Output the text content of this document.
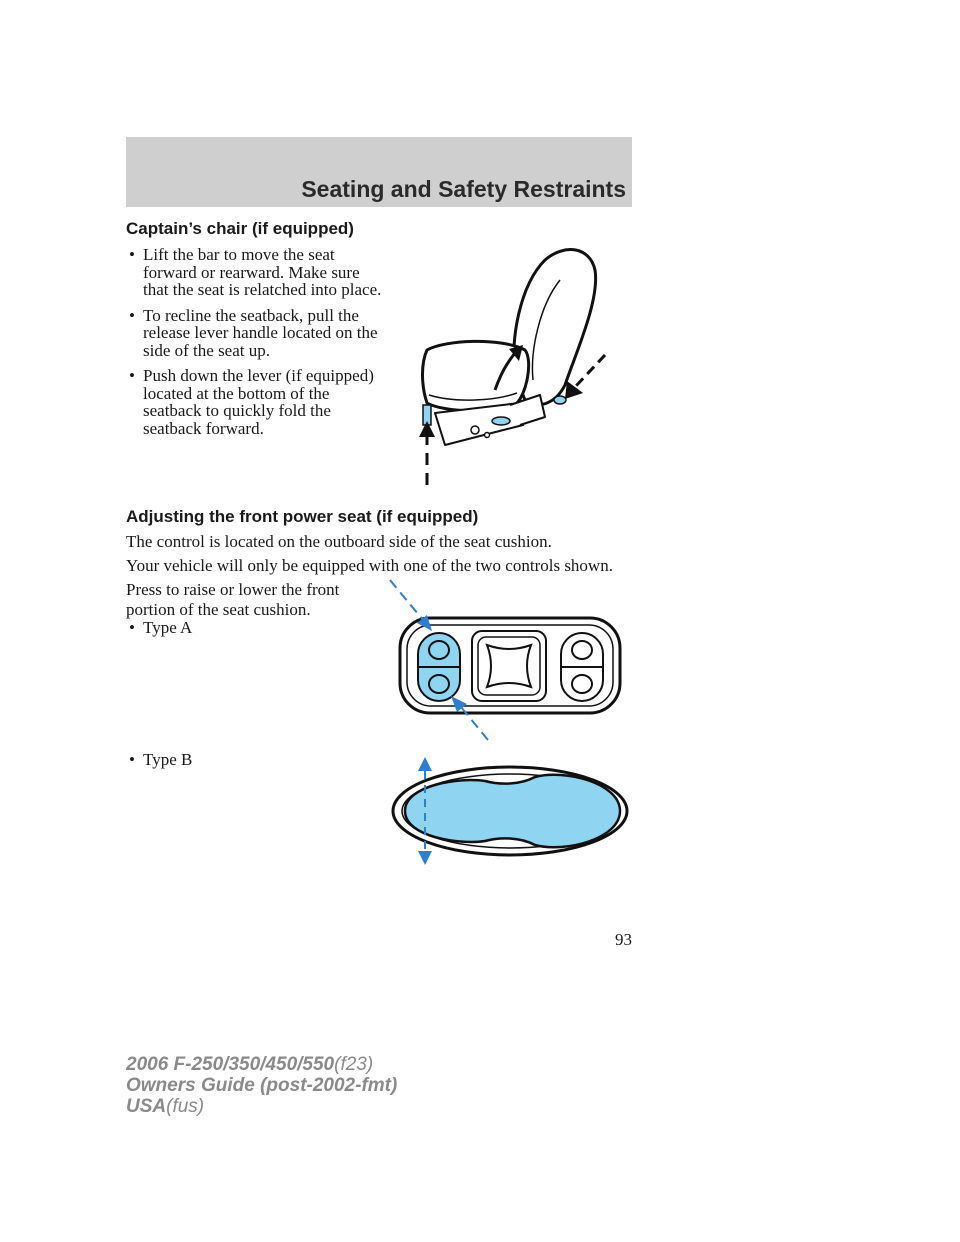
Seating and Safety Restraints
Captain’s chair (if equipped)
• Lift the bar to move the seat forward or rearward. Make sure that the seat is relatched into place.
• To recline the seatback, pull the release lever handle located on the side of the seat up.
• Push down the lever (if equipped) located at the bottom of the seatback to quickly fold the seatback forward.
Adjusting the front power seat (if equipped)

The control is located on the outboard side of the seat cushion.

Your vehicle will only be equipped with one of the two controls shown.

Press to raise or lower the front portion of the seat cushion.

• Type A
• Type B

93

2006 F-250/350/450/550(f23)
Owners Guide (post-2002-fmt)
USA(fus)
